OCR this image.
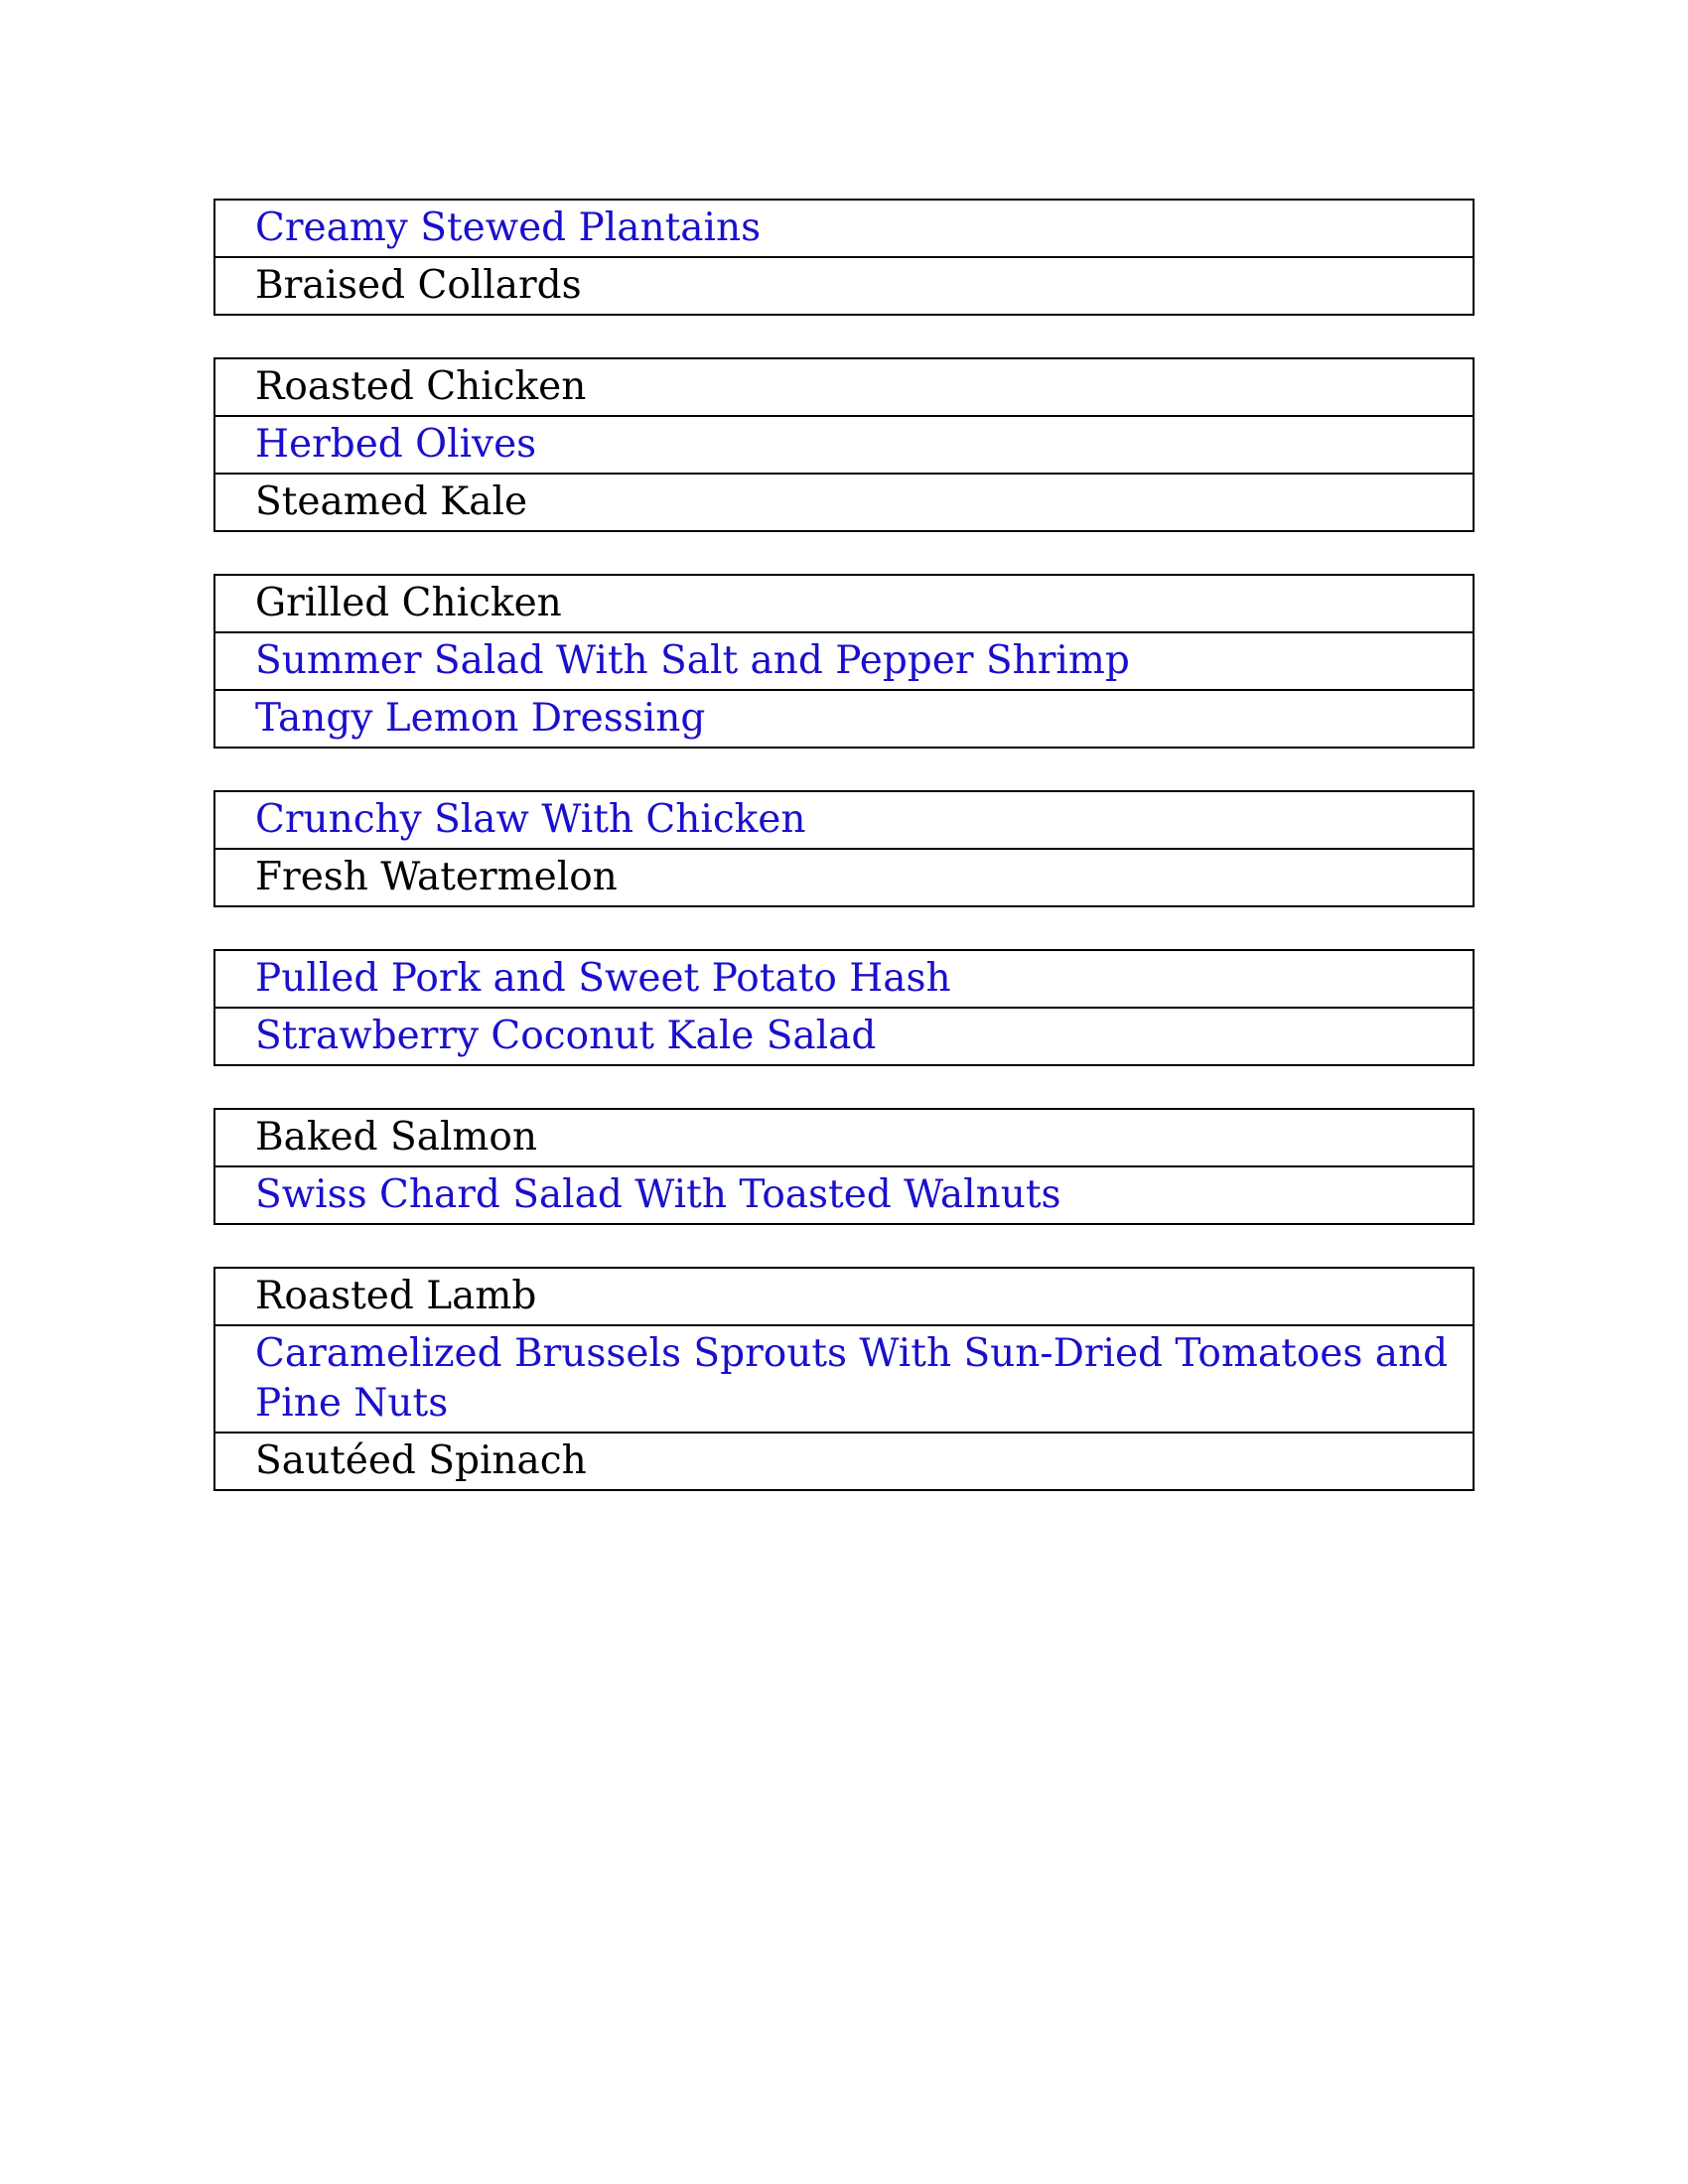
Creamy Stewed Plantains
Braised Collards
Roasted Chicken
Herbed Olives
Steamed Kale
Grilled Chicken
Summer Salad With Salt and Pepper Shrimp
Tangy Lemon Dressing
Crunchy Slaw With Chicken
Fresh Watermelon
Pulled Pork and Sweet Potato Hash
Strawberry Coconut Kale Salad
Baked Salmon
Swiss Chard Salad With Toasted Walnuts
Roasted Lamb
Caramelized Brussels Sprouts With Sun-Dried Tomatoes and Pine Nuts
Sautéed Spinach
